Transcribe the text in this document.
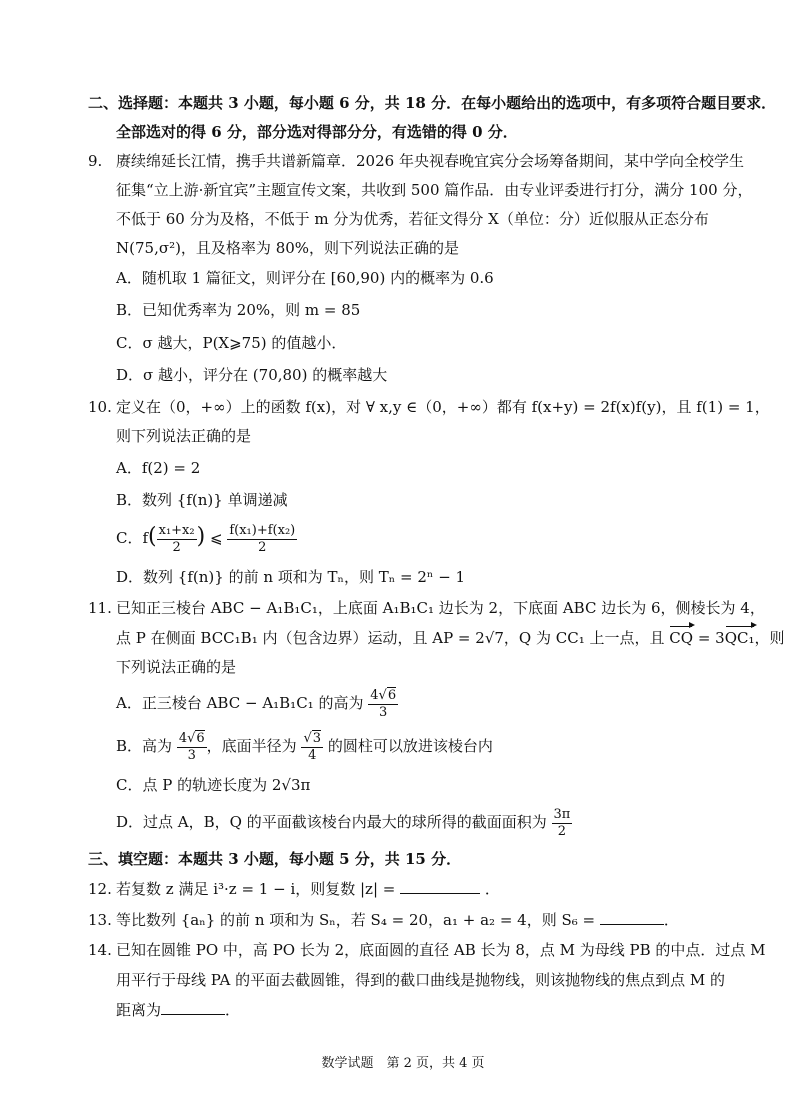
二、选择题：本题共 3 小题，每小题 6 分，共 18 分．在每小题给出的选项中，有多项符合题目要求．
全部选对的得 6 分，部分选对得部分分，有选错的得 0 分．
9. 赓续绵延长江情，携手共谱新篇章．2026 年央视春晚宜宾分会场筹备期间，某中学向全校学生
征集“立上游·新宜宾”主题宣传文案，共收到 500 篇作品．由专业评委进行打分，满分 100 分，
不低于 60 分为及格，不低于 m 分为优秀，若征文得分 X（单位：分）近似服从正态分布
N(75,σ²)，且及格率为 80%，则下列说法正确的是
A．随机取 1 篇征文，则评分在 [60,90) 内的概率为 0.6
B．已知优秀率为 20%，则 m = 85
C．σ 越大，P(X⩾75) 的值越小．
D．σ 越小，评分在 (70,80) 的概率越大
10. 定义在（0，+∞）上的函数 f(x)，对 ∀ x,y ∈（0，+∞）都有 f(x+y) = 2f(x)f(y)，且 f(1) = 1，
则下列说法正确的是
A．f(2) = 2
B．数列 {f(n)} 单调递减
C．$f( \frac{\text{x₁+x₂}}{2}$ ) ⩽ $\frac{\text{f(x₁)+f(x₂)}}{2}$
D．数列 {f(n)} 的前 n 项和为 Tₙ，则 Tₙ = 2ⁿ − 1
11. 已知正三棱台 ABC − A₁B₁C₁，上底面 A₁B₁C₁ 边长为 2，下底面 ABC 边长为 6，侧棱长为 4，
点 P 在侧面 BCC₁B₁ 内（包含边界）运动，且 AP = 2√7，Q 为 CC₁ 上一点，且 CQ = 3QC₁，则
下列说法正确的是
A．正三棱台 ABC − A₁B₁C₁ 的高为 $\frac{4√6}{3}$
B．高为 $\frac{4√6}{3}$ ，底面半径为 $\frac{√3}{4}$ 的圆柱可以放进该棱台内
C．点 P 的轨迹长度为 2√3π
D．过点 A，B，Q 的平面截该棱台内最大的球所得的截面面积为 $\frac{3\pi}{2}$
三、填空题：本题共 3 小题，每小题 5 分，共 15 分．
12. 若复数 z 满足 i³·z = 1 − i，则复数 |z| =	．
13. 等比数列 {aₙ} 的前 n 项和为 Sₙ，若 S₄ = 20，a₁ + a₂ = 4，则 S₆ =	．
14. 已知在圆锥 PO 中，高 PO 长为 2，底面圆的直径 AB 长为 8，点 M 为母线 PB 的中点．过点 M
用平行于母线 PA 的平面去截圆锥，得到的截口曲线是抛物线，则该抛物线的焦点到点 M 的
距离为	．
数学试题　第 2 页，共 4 页
